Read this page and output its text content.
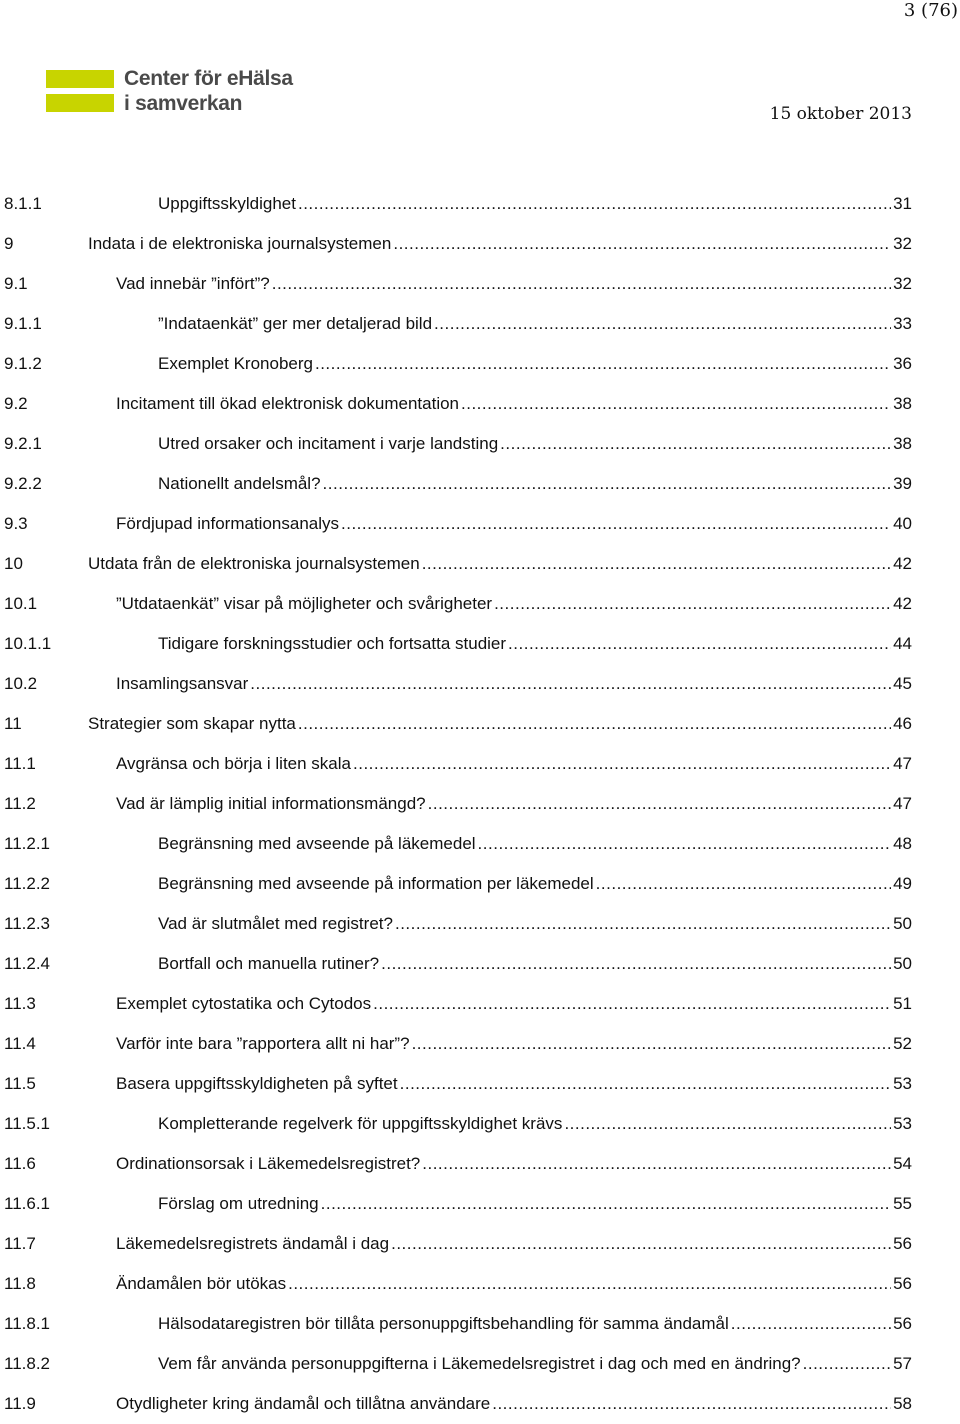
3 (76)
Center för eHälsa
i samverkan	15 oktober 2013
8.1.1	Uppgiftsskyldighet .....	31
9	Indata i de elektroniska journalsystemen .....	32
9.1	Vad innebär ”infört”? .....	32
9.1.1	”Indataenkät” ger mer detaljerad bild .....	33
9.1.2	Exemplet Kronoberg .....	36
9.2	Incitament till ökad elektronisk dokumentation .....	38
9.2.1	Utred orsaker och incitament i varje landsting .....	38
9.2.2	Nationellt andelsmål? .....	39
9.3	Fördjupad informationsanalys .....	40
10	Utdata från de elektroniska journalsystemen .....	42
10.1	”Utdataenkät” visar på möjligheter och svårigheter .....	42
10.1.1	Tidigare forskningsstudier och fortsatta studier .....	44
10.2	Insamlingsansvar .....	45
11	Strategier som skapar nytta .....	46
11.1	Avgränsa och börja i liten skala .....	47
11.2	Vad är lämplig initial informationsmängd? .....	47
11.2.1	Begränsning med avseende på läkemedel .....	48
11.2.2	Begränsning med avseende på information per läkemedel .....	49
11.2.3	Vad är slutmålet med registret? .....	50
11.2.4	Bortfall och manuella rutiner? .....	50
11.3	Exemplet cytostatika och Cytodos .....	51
11.4	Varför inte bara ”rapportera allt ni har”? .....	52
11.5	Basera uppgiftsskyldigheten på syftet .....	53
11.5.1	Kompletterande regelverk för uppgiftsskyldighet krävs .....	53
11.6	Ordinationsorsak i Läkemedelsregistret? .....	54
11.6.1	Förslag om utredning .....	55
11.7	Läkemedelsregistrets ändamål i dag .....	56
11.8	Ändamålen bör utökas .....	56
11.8.1	Hälsodataregistren bör tillåta personuppgiftsbehandling för samma ändamål .....	56
11.8.2	Vem får använda personuppgifterna i Läkemedelsregistret i dag och med en ändring? .....	57
11.9	Otydligheter kring ändamål och tillåtna användare .....	58
